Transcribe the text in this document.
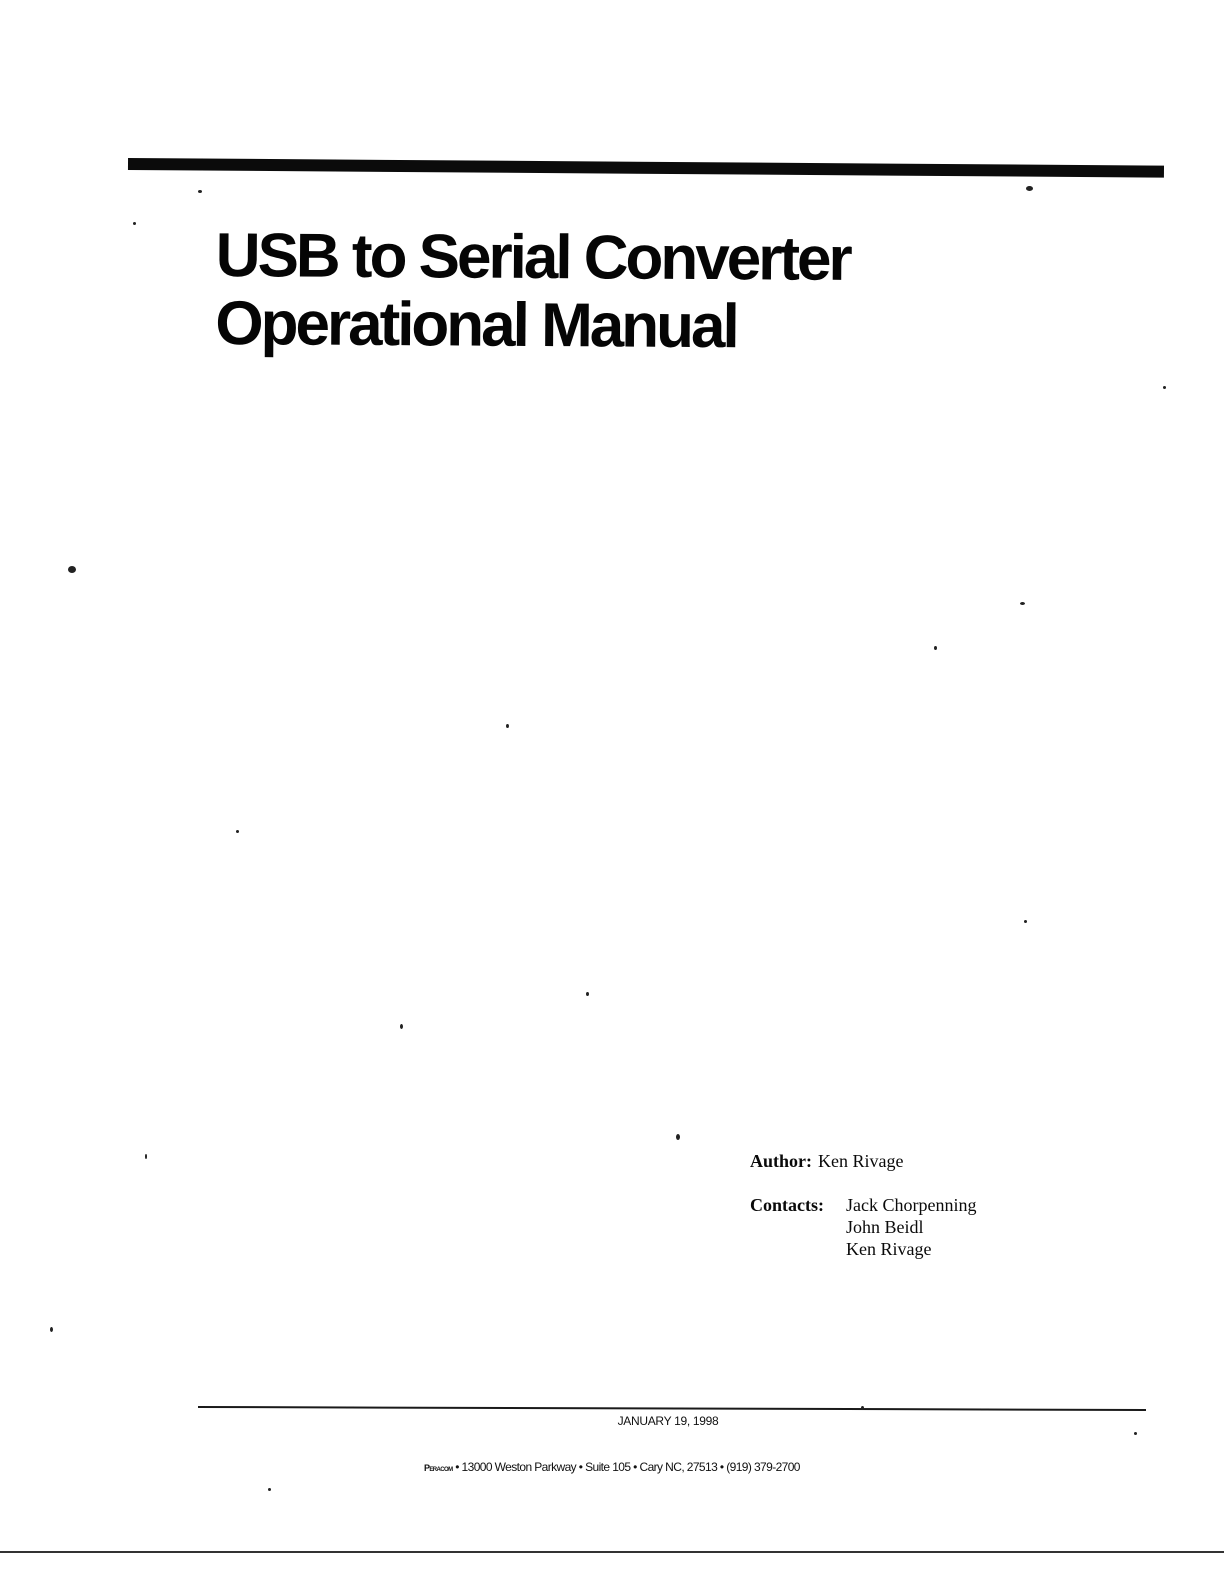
USB to Serial Converter
Operational Manual
Author: Ken Rivage
Contacts:	Jack Chorpenning
John Beidl
Ken Rivage
JANUARY 19, 1998
Peracom • 13000 Weston Parkway • Suite 105 • Cary NC, 27513 • (919) 379-2700
